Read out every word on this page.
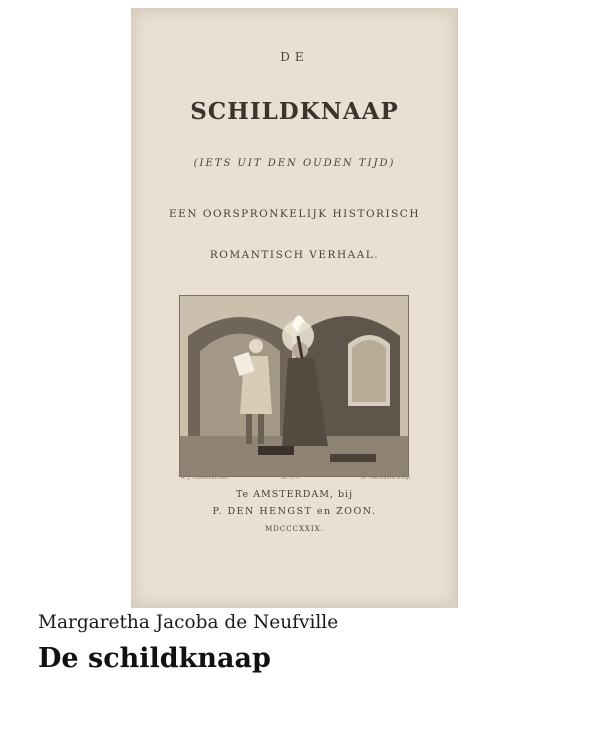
DE
SCHILDKNAAP
(IETS UIT DEN OUDEN TIJD)
EEN OORSPRONKELIJK HISTORISCH
ROMANTISCH VERHAAL.
A. J. Lindeman del.	Bl. 171.	H. Veelwaard sculp.
Te AMSTERDAM, bij
P. DEN HENGST en ZOON.
MDCCCXXIX.
Margaretha Jacoba de Neufville
De schildknaap
